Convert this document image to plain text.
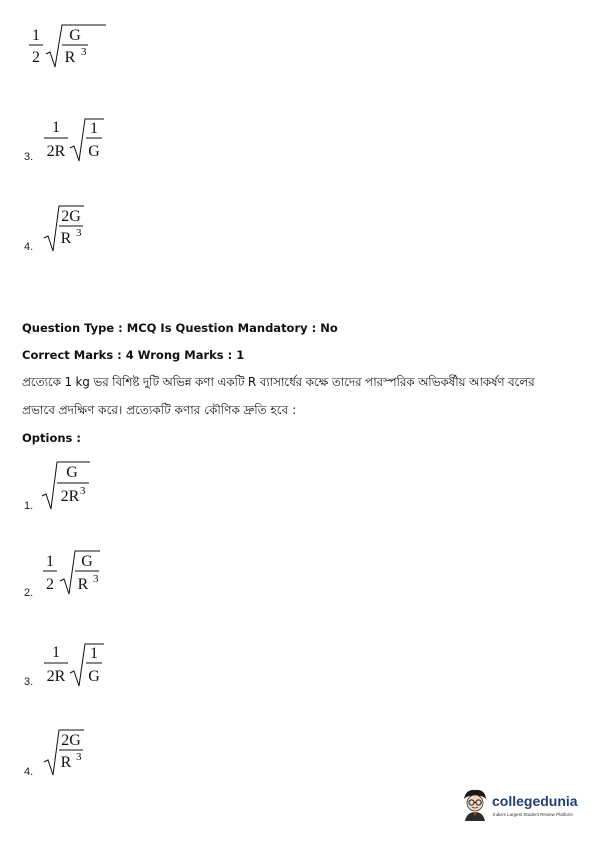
1
2
G
R 3
3.
1
2R
1
G
4.
2G
R 3
Question Type : MCQ Is Question Mandatory : No
Correct Marks : 4 Wrong Marks : 1
প্রত্যেকে 1 kg ভর বিশিষ্ট দুটি অভিন্ন কণা একটি R ব্যাসার্ধের কক্ষে তাদের পারস্পরিক অভিকর্ষীয় আকর্ষণ বলের
প্রভাবে প্রদক্ষিণ করে। প্রত্যেকটি কণার কৌণিক দ্রুতি হবে :
Options :
1.
G
2R 3
2.
1
2
G
R 3
3.
1
2R
1
G
4.
2G
R 3
collegedunia
India's Largest Student Review Platform
